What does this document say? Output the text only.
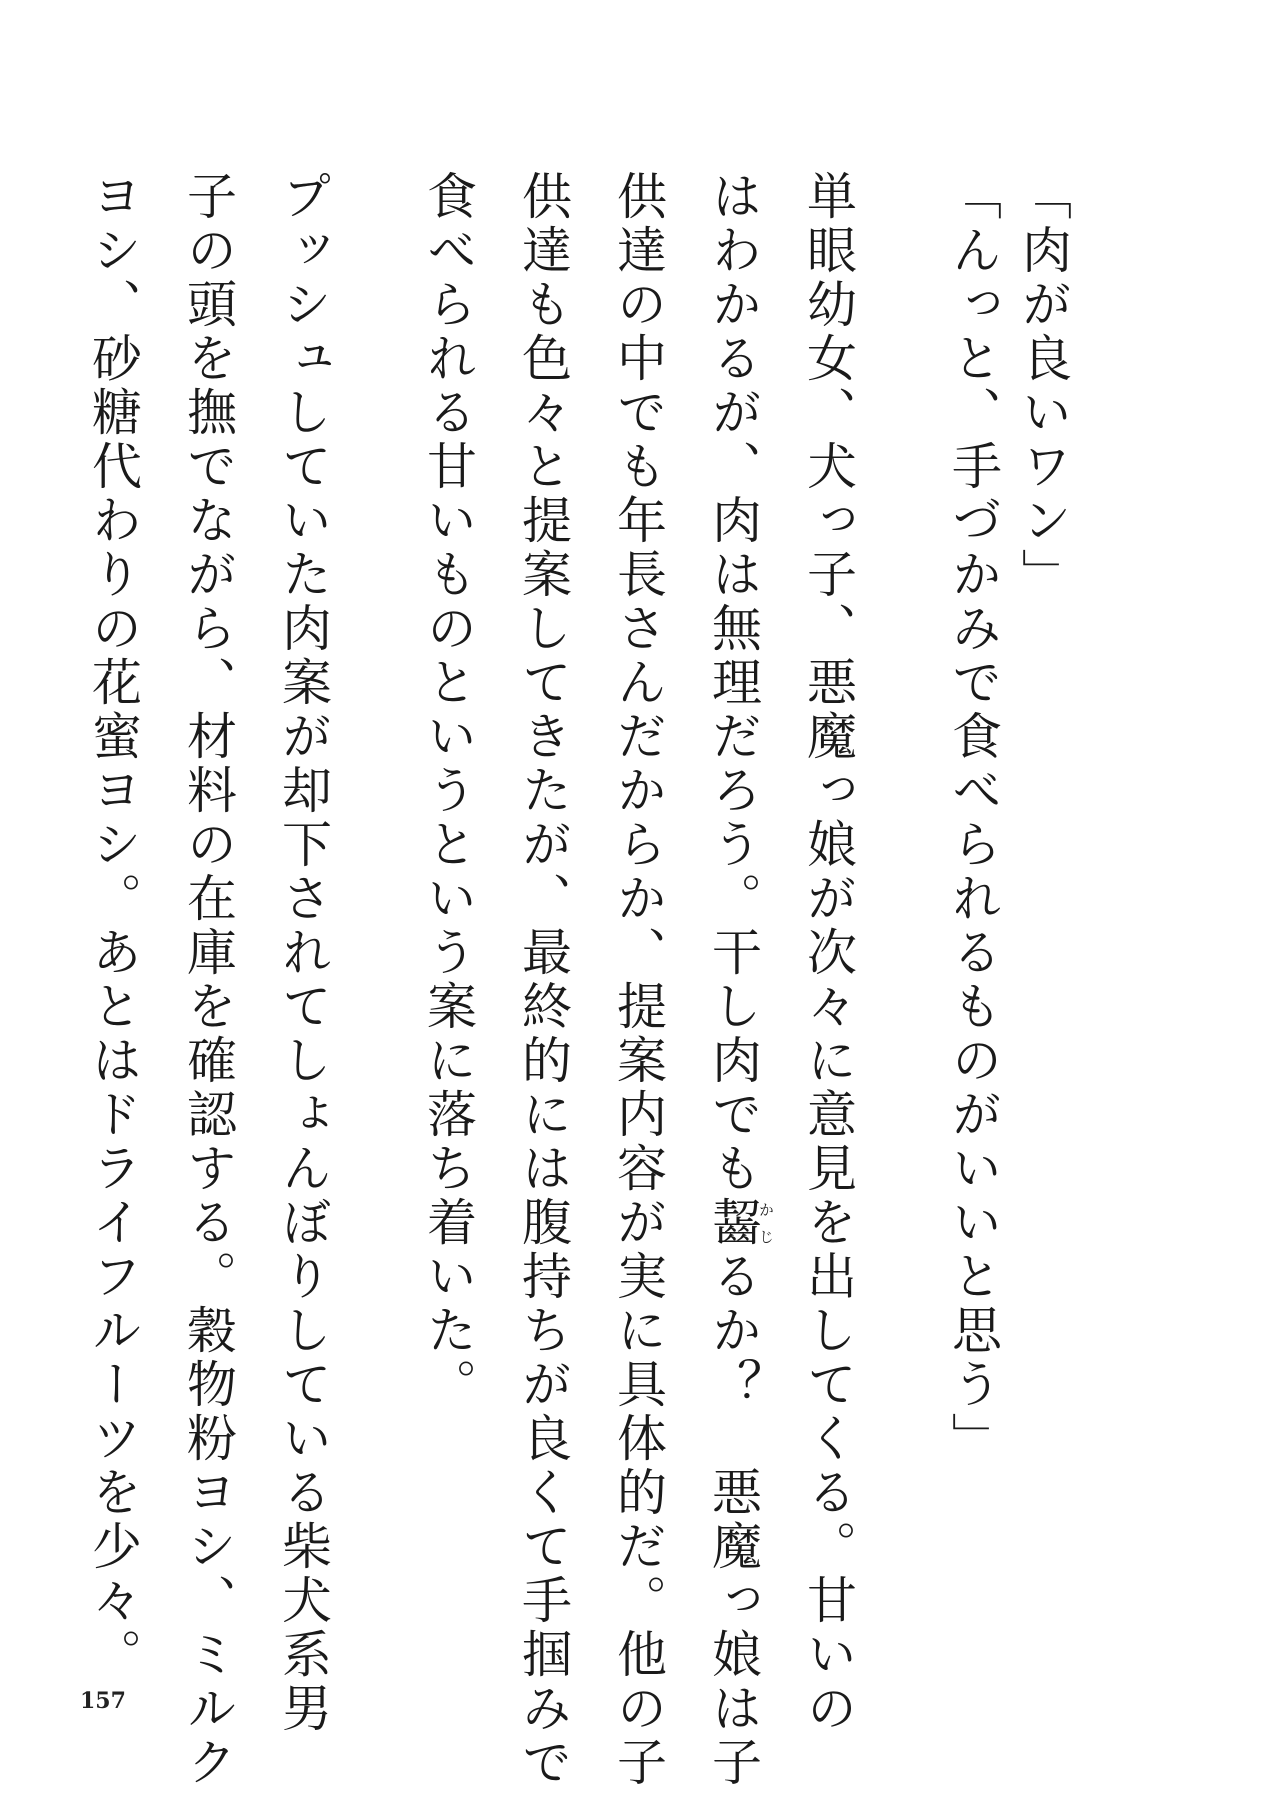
「肉が良いワン」
「んっと、手づかみで食べられるものがいいと思う」
単眼幼女、犬っ子、悪魔っ娘が次々に意見を出してくる。甘いの
はわかるが、肉は無理だろう。干し肉でも齧かじるか？　悪魔っ娘は子
供達の中でも年長さんだからか、提案内容が実に具体的だ。他の子
供達も色々と提案してきたが、最終的には腹持ちが良くて手掴みで
食べられる甘いものというという案に落ち着いた。
プッシュしていた肉案が却下されてしょんぼりしている柴犬系男
子の頭を撫でながら、材料の在庫を確認する。穀物粉ヨシ、ミルク
ヨシ、砂糖代わりの花蜜ヨシ。あとはドライフルーツを少々。
157
